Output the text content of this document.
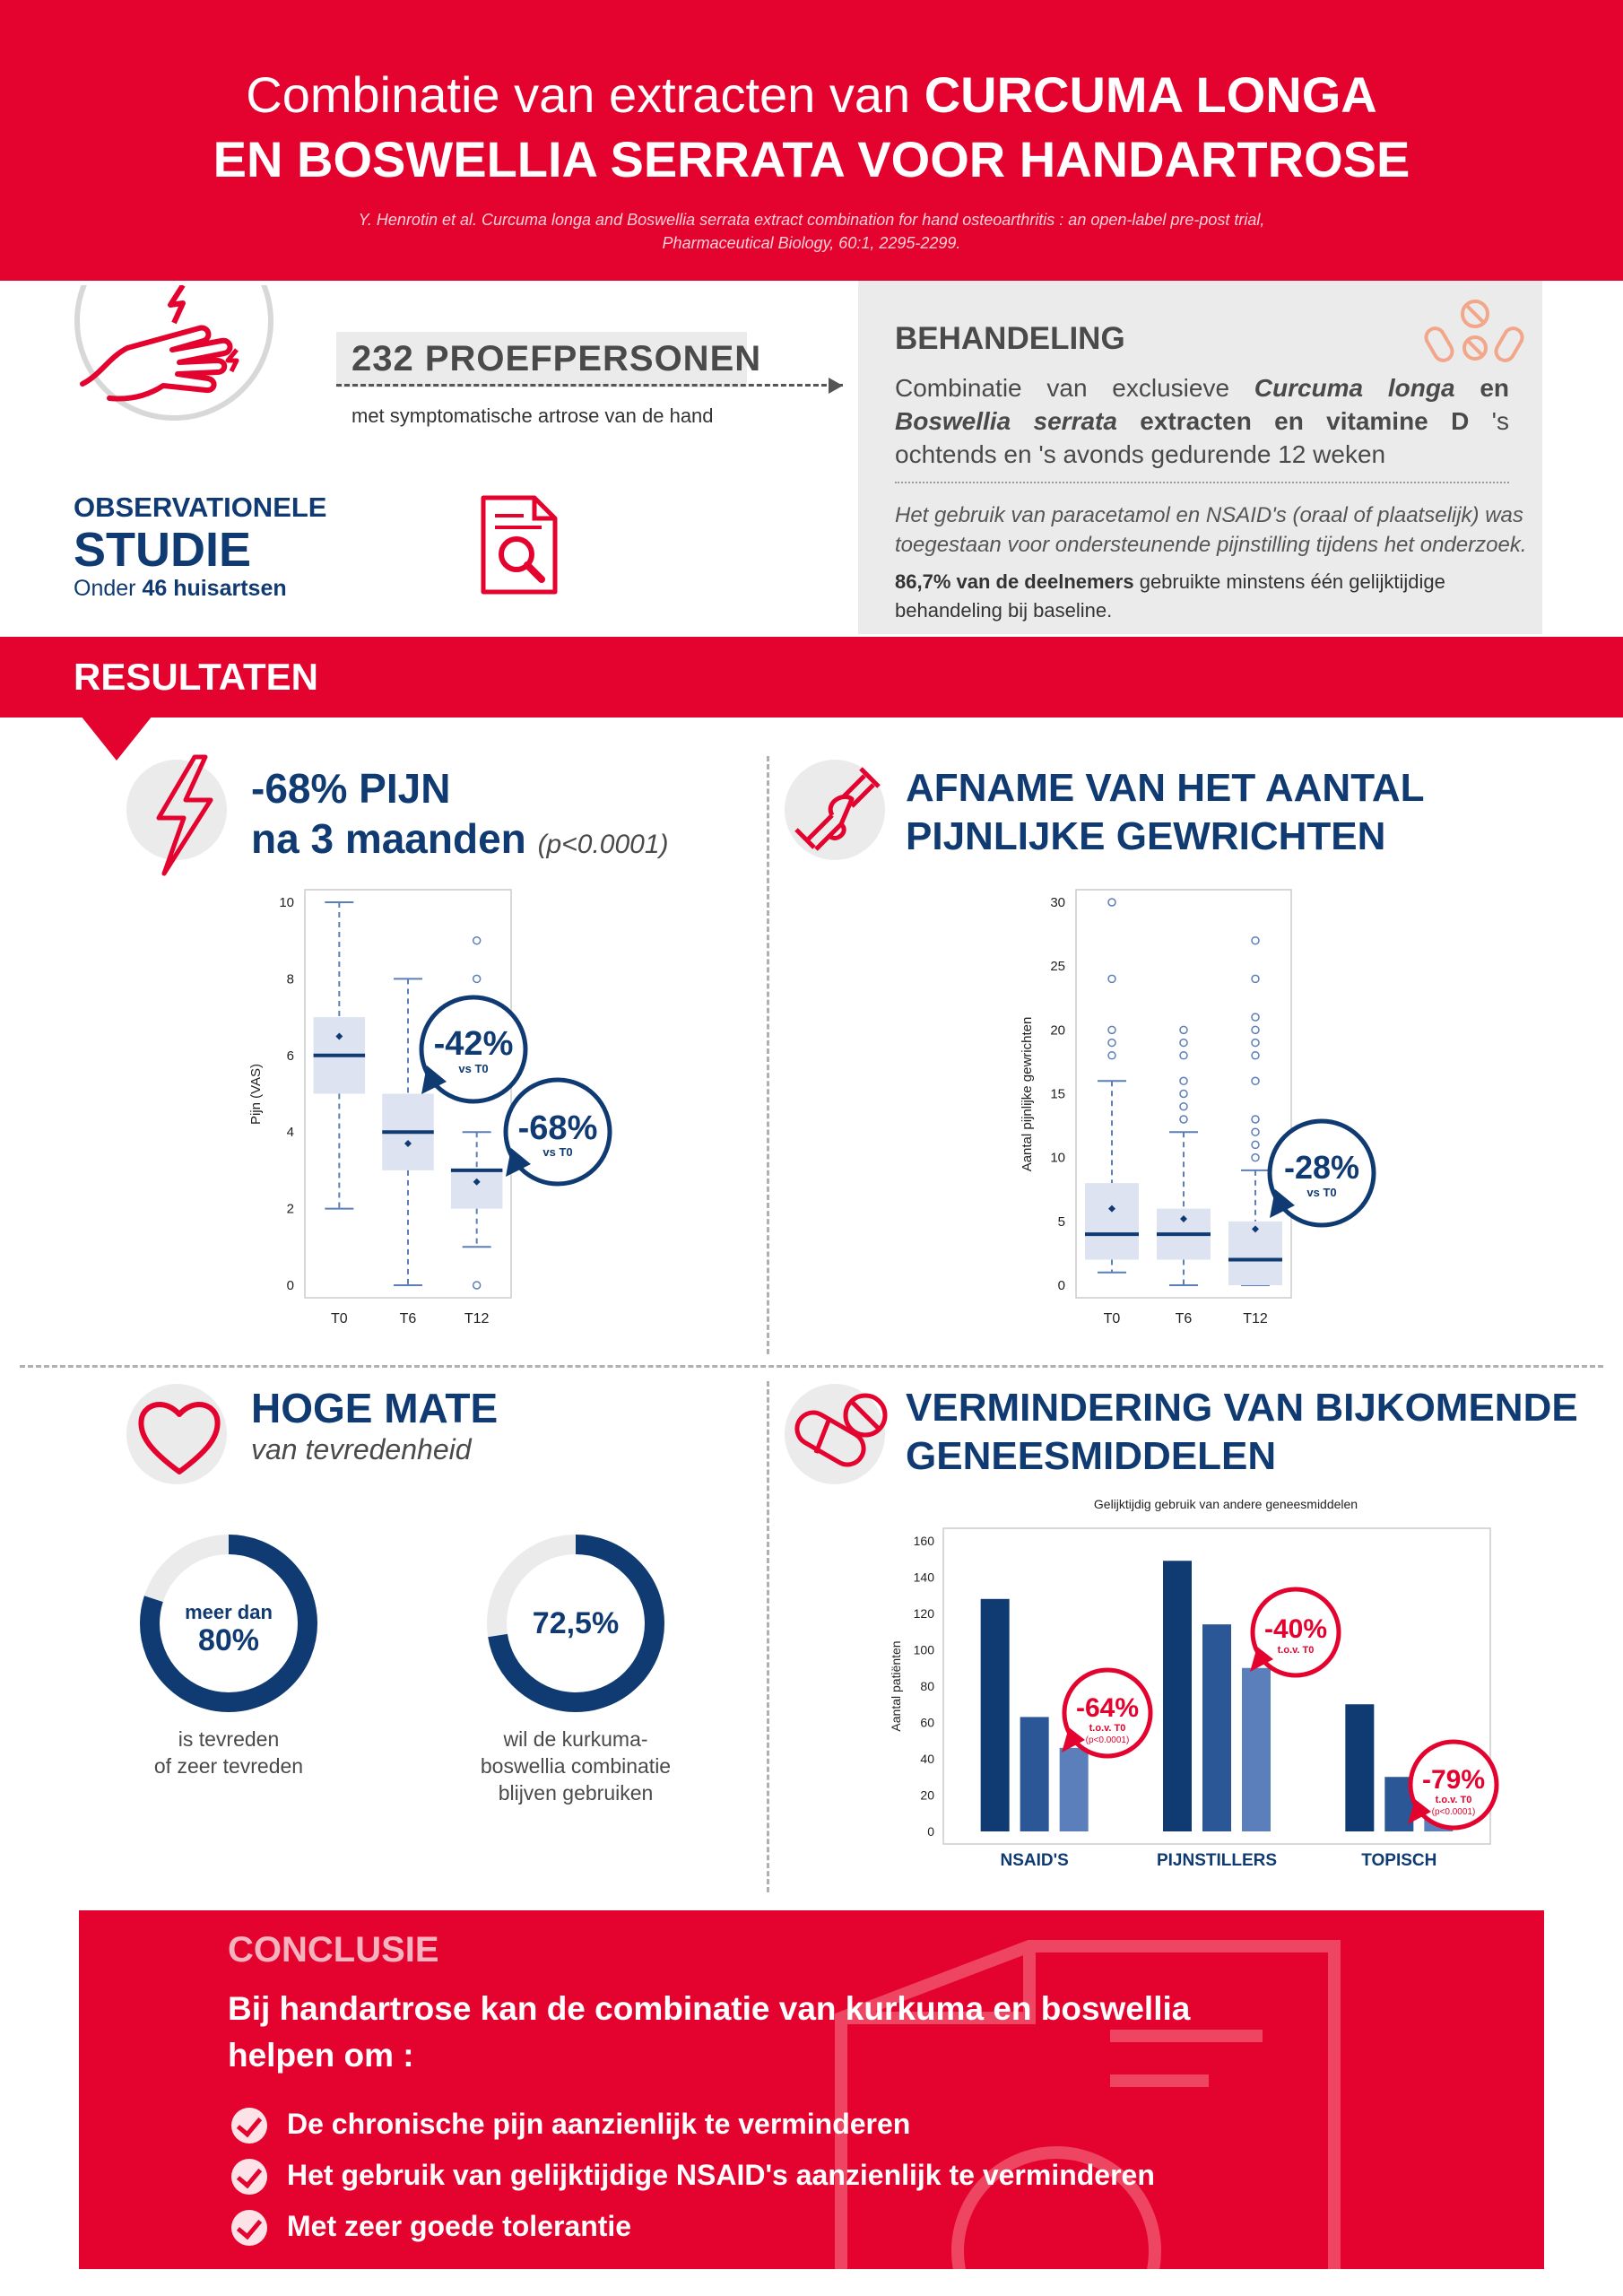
Combinatie van extracten van CURCUMA LONGA
EN BOSWELLIA SERRATA VOOR HANDARTROSE
Y. Henrotin et al. Curcuma longa and Boswellia serrata extract combination for hand osteoarthritis : an open-label pre-post trial,
Pharmaceutical Biology, 60:1, 2295-2299.
232 PROEFPERSONEN
met symptomatische artrose van de hand
OBSERVATIONELE
STUDIE
Onder 46 huisartsen
BEHANDELING
Combinatie van exclusieve Curcuma longa en Boswellia serrata extracten en vitamine D 's ochtends en 's avonds gedurende 12 weken
Het gebruik van paracetamol en NSAID's (oraal of plaatselijk) was
toegestaan voor ondersteunende pijnstilling tijdens het onderzoek.
86,7% van de deelnemers gebruikte minstens één gelijktijdige
behandeling bij baseline.
RESULTATEN
-68% PIJN
na 3 maanden (p<0.0001)
0
2
4
6
8
10
T0	T6	T12
Pijn (VAS)
-42%
vs T0
-68%
vs T0
AFNAME VAN HET AANTAL
PIJNLIJKE GEWRICHTEN
0
5
10
15
20
25
30
T0	T6	T12
Aantal pijnlijke gewrichten	-28%
vs T0
HOGE MATE
van tevredenheid
meer dan
80%
is tevreden
of zeer tevreden
72,5%
wil de kurkuma-
boswellia combinatie
blijven gebruiken
VERMINDERING VAN BIJKOMENDE
GENEESMIDDELEN
Gelijktijdig gebruik van andere geneesmiddelen
0
20
40
60
80
100
120
140
160
NSAID'S	PIJNSTILLERS	TOPISCH
Aantal patiënten	-64%
t.o.v. T0
(p<0.0001)
-40%
t.o.v. T0
-79%
t.o.v. T0
(p<0.0001)
CONCLUSIE
Bij handartrose kan de combinatie van kurkuma en boswellia
helpen om :
De chronische pijn aanzienlijk te verminderen
Het gebruik van gelijktijdige NSAID's aanzienlijk te verminderen
Met zeer goede tolerantie
